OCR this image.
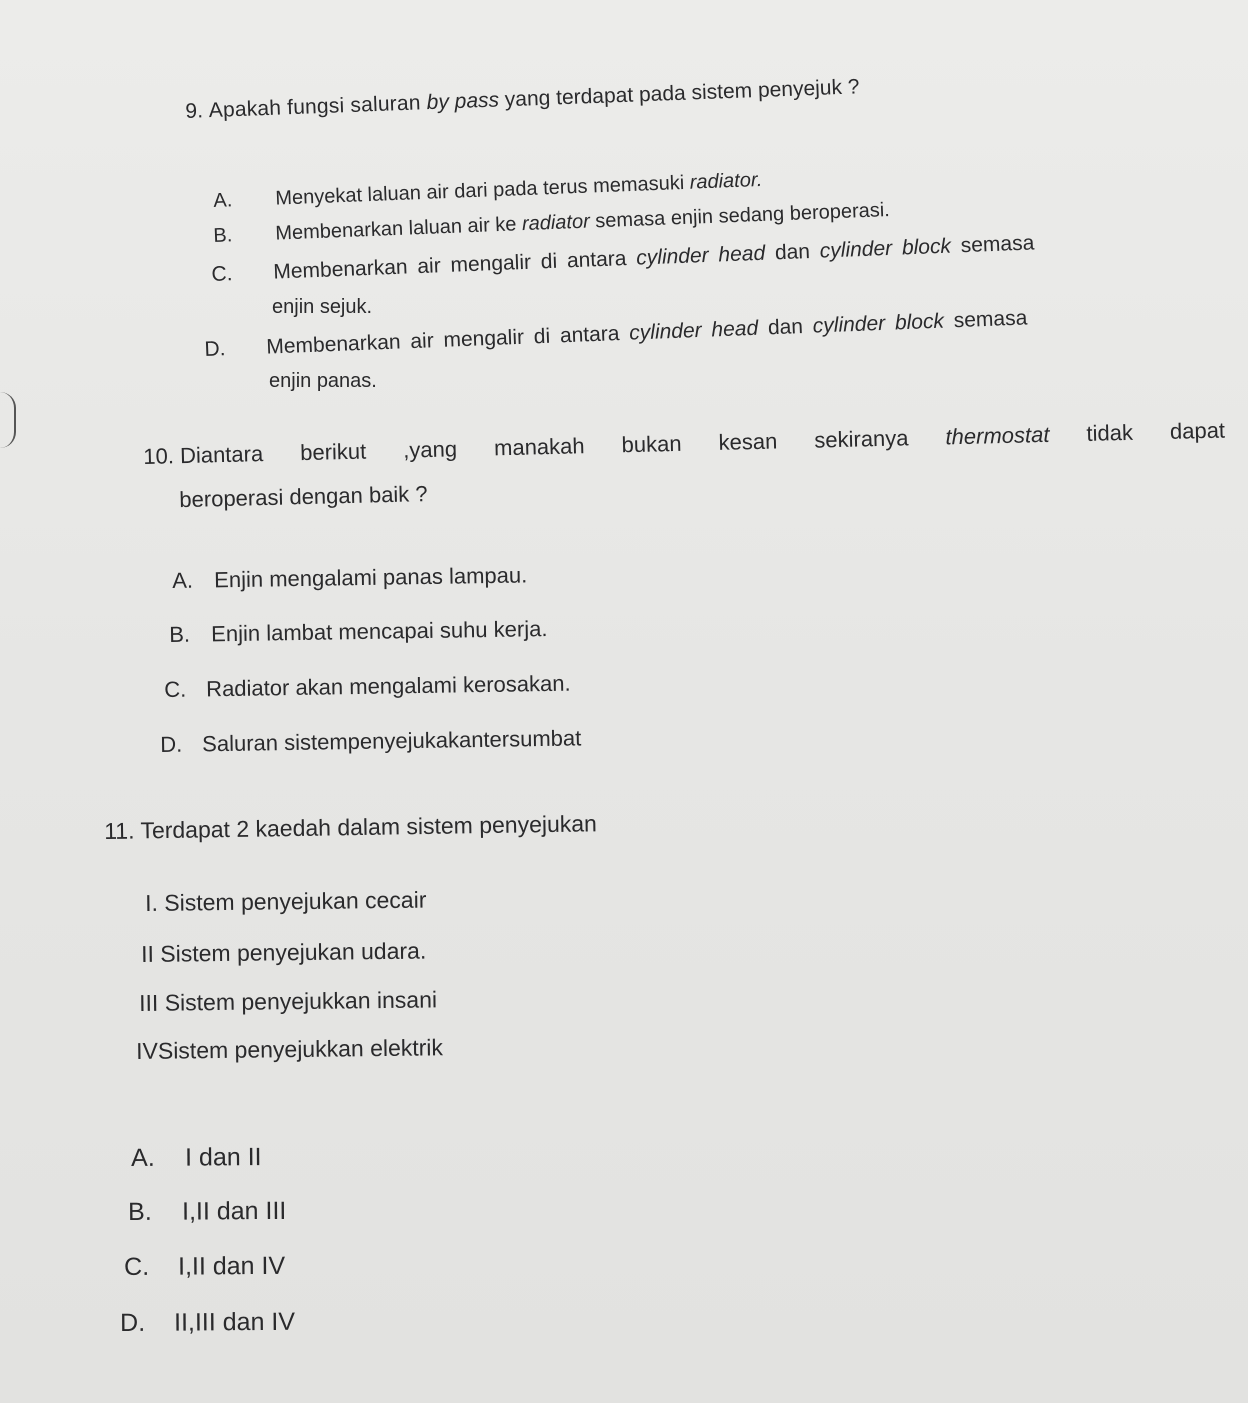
9. Apakah fungsi saluran by pass yang terdapat pada sistem penyejuk ?
A. Menyekat laluan air dari pada terus memasuki radiator.
B. Membenarkan laluan air ke radiator semasa enjin sedang beroperasi.
C. Membenarkan air mengalir di antara cylinder head dan cylinder block semasa
enjin sejuk.
D. Membenarkan air mengalir di antara cylinder head dan cylinder block semasa
enjin panas.
10. Diantara berikut ,yang manakah bukan kesan sekiranya thermostat tidak dapat
beroperasi dengan baik ?
A. Enjin mengalami panas lampau.
B. Enjin lambat mencapai suhu kerja.
C. Radiator akan mengalami kerosakan.
D. Saluran sistempenyejukakantersumbat
11. Terdapat 2 kaedah dalam sistem penyejukan
I. Sistem penyejukan cecair
II Sistem penyejukan udara.
III Sistem penyejukkan insani
IVSistem penyejukkan elektrik
A. I dan II
B. I,II dan III
C. I,II dan IV
D. II,III dan IV
